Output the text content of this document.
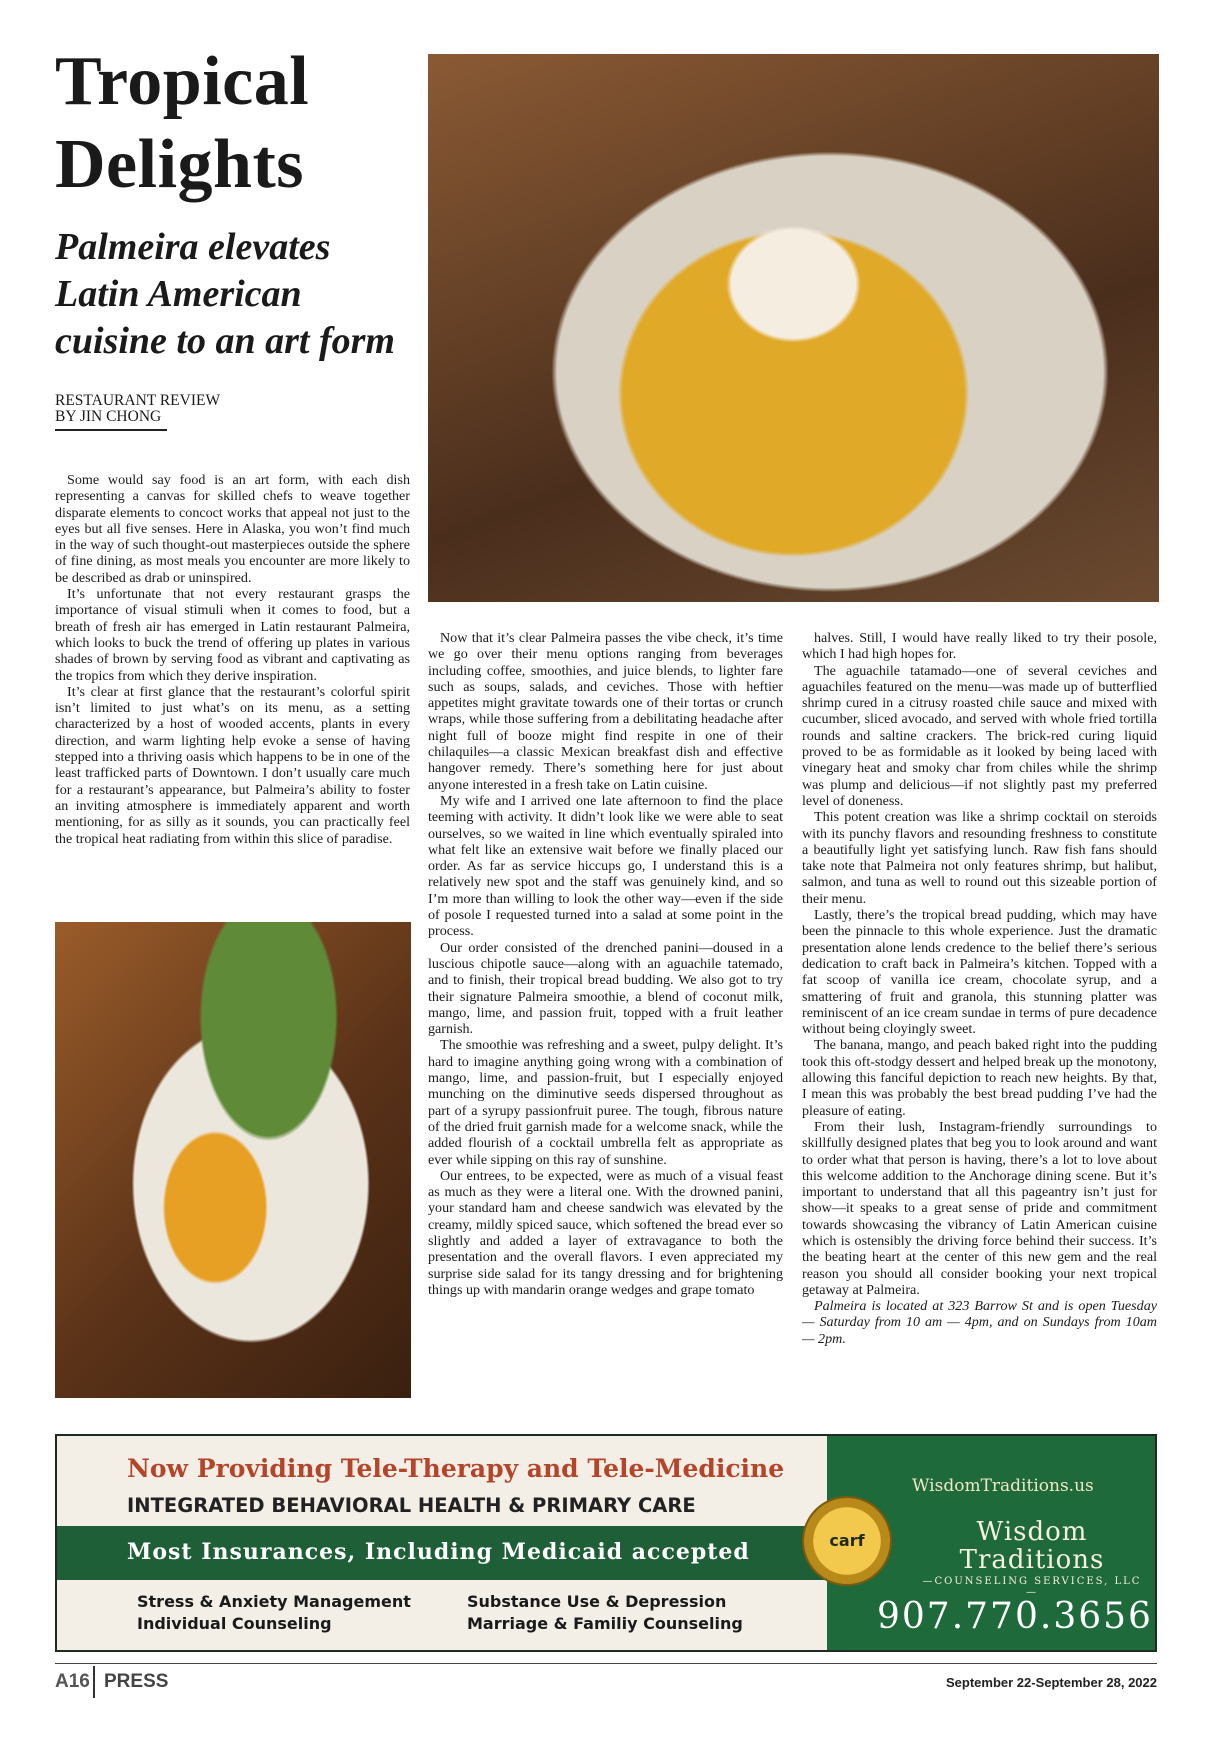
Tropical
Delights
Palmeira elevates Latin American cuisine to an art form
RESTAURANT REVIEW
BY JIN CHONG

Some would say food is an art form, with each dish representing a canvas for skilled chefs to weave together disparate elements to concoct works that appeal not just to the eyes but all five senses. Here in Alaska, you won’t find much in the way of such thought-out masterpieces outside the sphere of fine dining, as most meals you encounter are more likely to be described as drab or uninspired.

It’s unfortunate that not every restaurant grasps the importance of visual stimuli when it comes to food, but a breath of fresh air has emerged in Latin restaurant Palmeira, which looks to buck the trend of offering up plates in various shades of brown by serving food as vibrant and captivating as the tropics from which they derive inspiration.

It’s clear at first glance that the restaurant’s colorful spirit isn’t limited to just what’s on its menu, as a setting characterized by a host of wooded accents, plants in every direction, and warm lighting help evoke a sense of having stepped into a thriving oasis which happens to be in one of the least trafficked parts of Downtown. I don’t usually care much for a restaurant’s appearance, but Palmeira’s ability to foster an inviting atmosphere is immediately apparent and worth mentioning, for as silly as it sounds, you can practically feel the tropical heat radiating from within this slice of paradise.

Now that it’s clear Palmeira passes the vibe check, it’s time we go over their menu options ranging from beverages including coffee, smoothies, and juice blends, to lighter fare such as soups, salads, and ceviches. Those with heftier appetites might gravitate towards one of their tortas or crunch wraps, while those suffering from a debilitating headache after night full of booze might find respite in one of their chilaquiles—a classic Mexican breakfast dish and effective hangover remedy. There’s something here for just about anyone interested in a fresh take on Latin cuisine.

My wife and I arrived one late afternoon to find the place teeming with activity. It didn’t look like we were able to seat ourselves, so we waited in line which eventually spiraled into what felt like an extensive wait before we finally placed our order. As far as service hiccups go, I understand this is a relatively new spot and the staff was genuinely kind, and so I’m more than willing to look the other way—even if the side of posole I requested turned into a salad at some point in the process.

Our order consisted of the drenched panini—doused in a luscious chipotle sauce—along with an aguachile tatemado, and to finish, their tropical bread budding. We also got to try their signature Palmeira smoothie, a blend of coconut milk, mango, lime, and passion fruit, topped with a fruit leather garnish.

The smoothie was refreshing and a sweet, pulpy delight. It’s hard to imagine anything going wrong with a combination of mango, lime, and passion-fruit, but I especially enjoyed munching on the diminutive seeds dispersed throughout as part of a syrupy passionfruit puree. The tough, fibrous nature of the dried fruit garnish made for a welcome snack, while the added flourish of a cocktail umbrella felt as appropriate as ever while sipping on this ray of sunshine.

Our entrees, to be expected, were as much of a visual feast as much as they were a literal one. With the drowned panini, your standard ham and cheese sandwich was elevated by the creamy, mildly spiced sauce, which softened the bread ever so slightly and added a layer of extravagance to both the presentation and the overall flavors. I even appreciated my surprise side salad for its tangy dressing and for brightening things up with mandarin orange wedges and grape tomato

halves. Still, I would have really liked to try their posole, which I had high hopes for.

The aguachile tatamado—one of several ceviches and aguachiles featured on the menu—was made up of butterflied shrimp cured in a citrusy roasted chile sauce and mixed with cucumber, sliced avocado, and served with whole fried tortilla rounds and saltine crackers. The brick-red curing liquid proved to be as formidable as it looked by being laced with vinegary heat and smoky char from chiles while the shrimp was plump and delicious—if not slightly past my preferred level of doneness.

This potent creation was like a shrimp cocktail on steroids with its punchy flavors and resounding freshness to constitute a beautifully light yet satisfying lunch. Raw fish fans should take note that Palmeira not only features shrimp, but halibut, salmon, and tuna as well to round out this sizeable portion of their menu.

Lastly, there’s the tropical bread pudding, which may have been the pinnacle to this whole experience. Just the dramatic presentation alone lends credence to the belief there’s serious dedication to craft back in Palmeira’s kitchen. Topped with a fat scoop of vanilla ice cream, chocolate syrup, and a smattering of fruit and granola, this stunning platter was reminiscent of an ice cream sundae in terms of pure decadence without being cloyingly sweet.

The banana, mango, and peach baked right into the pudding took this oft-stodgy dessert and helped break up the monotony, allowing this fanciful depiction to reach new heights. By that, I mean this was probably the best bread pudding I’ve had the pleasure of eating.

From their lush, Instagram-friendly surroundings to skillfully designed plates that beg you to look around and want to order what that person is having, there’s a lot to love about this welcome addition to the Anchorage dining scene. But it’s important to understand that all this pageantry isn’t just for show—it speaks to a great sense of pride and commitment towards showcasing the vibrancy of Latin American cuisine which is ostensibly the driving force behind their success. It’s the beating heart at the center of this new gem and the real reason you should all consider booking your next tropical getaway at Palmeira.

Palmeira is located at 323 Barrow St and is open Tuesday — Saturday from 10 am — 4pm, and on Sundays from 10am — 2pm.

Now Providing Tele-Therapy and Tele-Medicine
INTEGRATED BEHAVIORAL HEALTH & PRIMARY CARE
Most Insurances, Including Medicaid accepted
Stress & Anxiety Management
Individual Counseling
Substance Use & Depression
Marriage & Familiy Counseling
carf
WisdomTraditions.us
Wisdom
Traditions
—COUNSELING SERVICES, LLC—
907.770.3656
A16 PRESS	September 22-September 28, 2022
